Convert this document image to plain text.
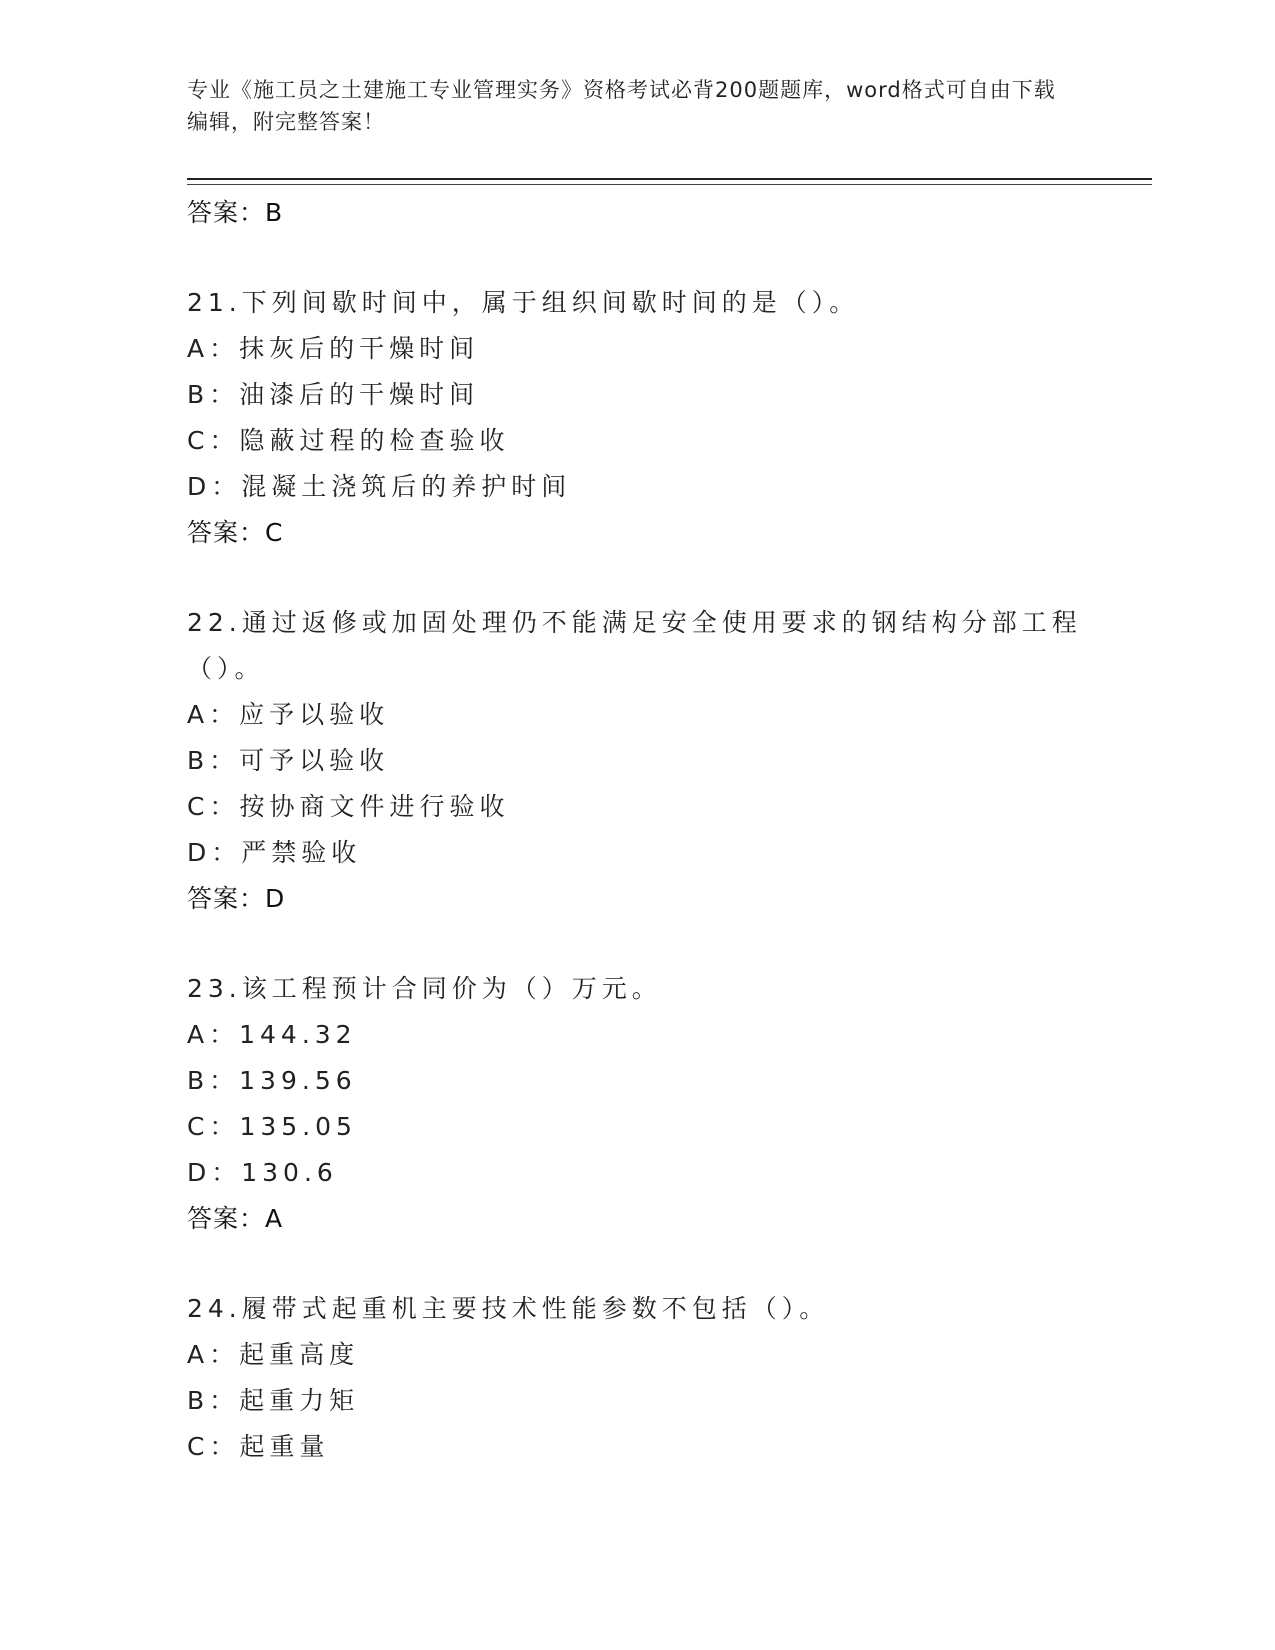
专业《施工员之土建施工专业管理实务》资格考试必背200题题库，word格式可自由下载编辑，附完整答案！
答案：B
21.下列间歇时间中，属于组织间歇时间的是（）。
A：抹灰后的干燥时间
B：油漆后的干燥时间
C：隐蔽过程的检查验收
D：混凝土浇筑后的养护时间
答案：C
22.通过返修或加固处理仍不能满足安全使用要求的钢结构分部工程（）。
A：应予以验收
B：可予以验收
C：按协商文件进行验收
D：严禁验收
答案：D
23.该工程预计合同价为（）万元。
A：144.32
B：139.56
C：135.05
D：130.6
答案：A
24.履带式起重机主要技术性能参数不包括（）。
A：起重高度
B：起重力矩
C：起重量
